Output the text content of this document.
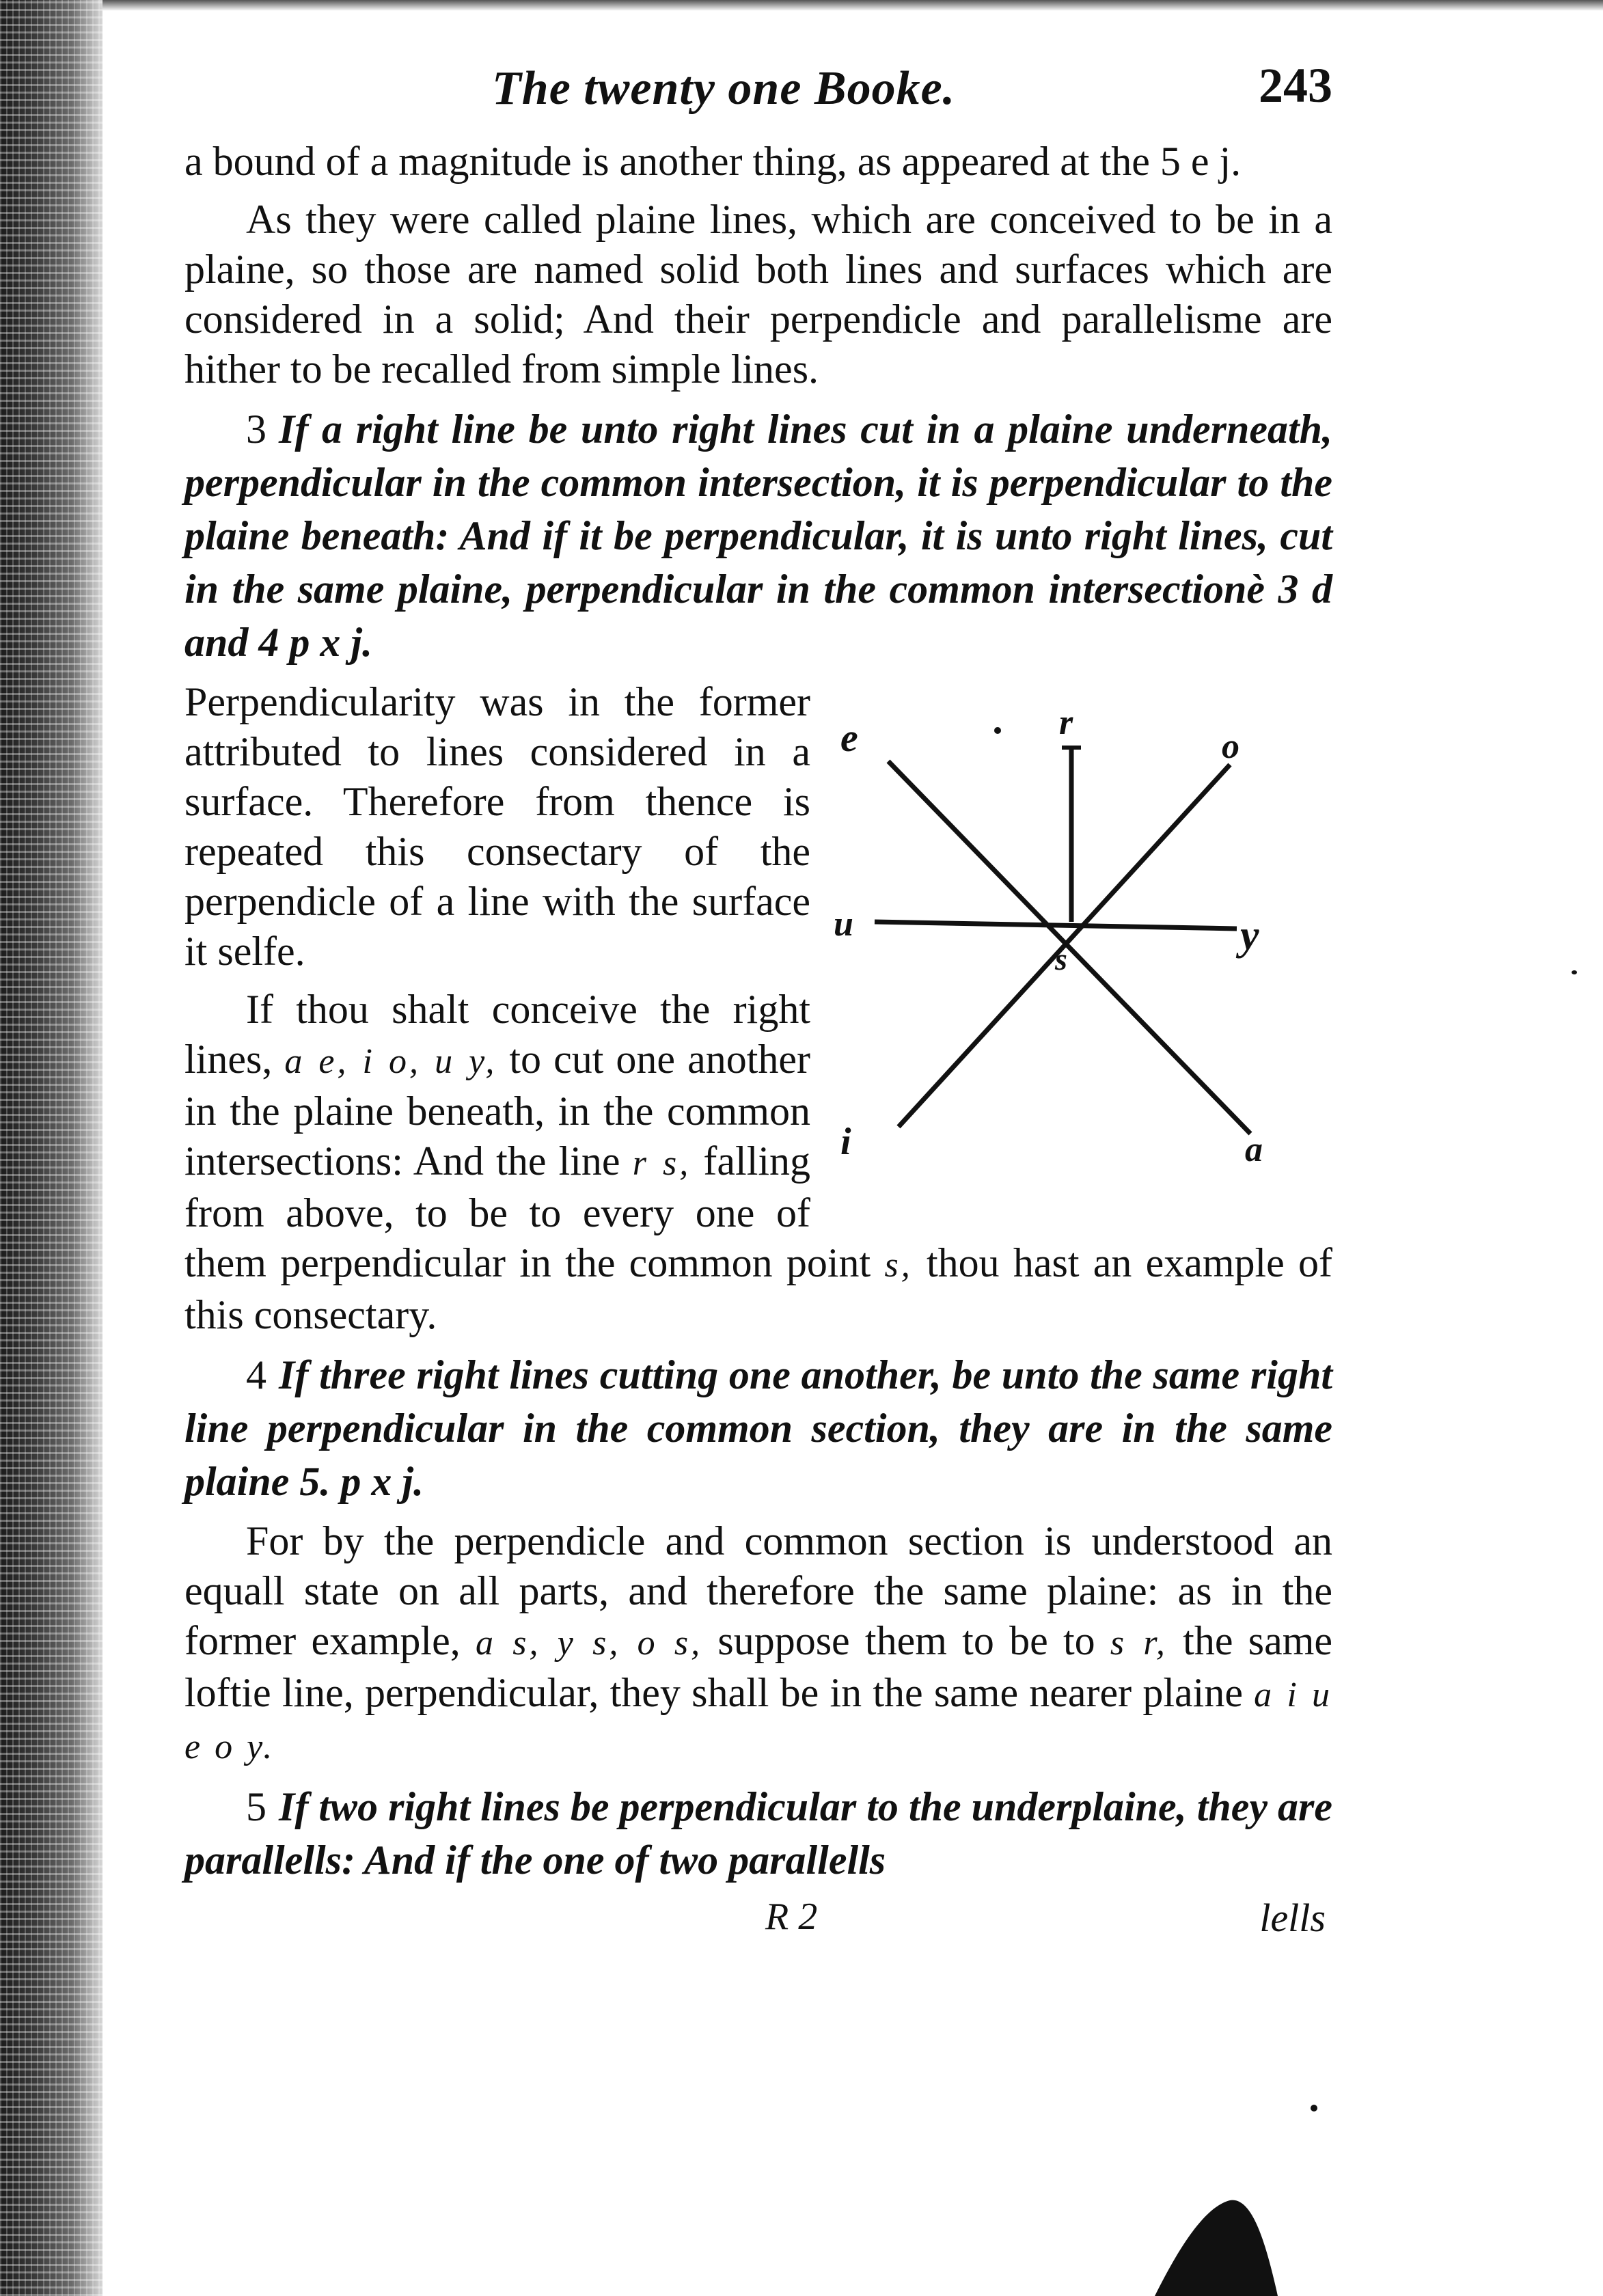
The twenty one Booke.	243

a bound of a magnitude is another thing, as appeared at the 5 e j.

As they were called plaine lines, which are conceived to be in a plaine, so those are named solid both lines and surfaces which are considered in a solid; And their perpendicle and parallelisme are hither to be recalled from simple lines.

3 If a right line be unto right lines cut in a plaine underneath, perpendicular in the common intersection, it is perpendicular to the plaine beneath: And if it be perpendicular, it is unto right lines, cut in the same plaine, perpendicular in the common intersectionè 3 d and 4 p x j.

e	r
o
u
s
y
i	a

Perpendicularity was in the former attributed to lines considered in a surface. Therefore from thence is repeated this consectary of the perpendicle of a line with the surface it selfe.

If thou shalt conceive the right lines, a e, i o, u y, to cut one another in the plaine beneath, in the common intersections: And the line r s, falling from above, to be to every one of them perpendicular in the common point s, thou hast an example of this consectary.

4 If three right lines cutting one another, be unto the same right line perpendicular in the common section, they are in the same plaine 5. p x j.

For by the perpendicle and common section is understood an equall state on all parts, and therefore the same plaine: as in the former example, a s, y s, o s, suppose them to be to s r, the same loftie line, perpendicular, they shall be in the same nearer plaine a i u e o y.

5 If two right lines be perpendicular to the underplaine, they are parallells: And if the one of two parallells

R 2	lells
